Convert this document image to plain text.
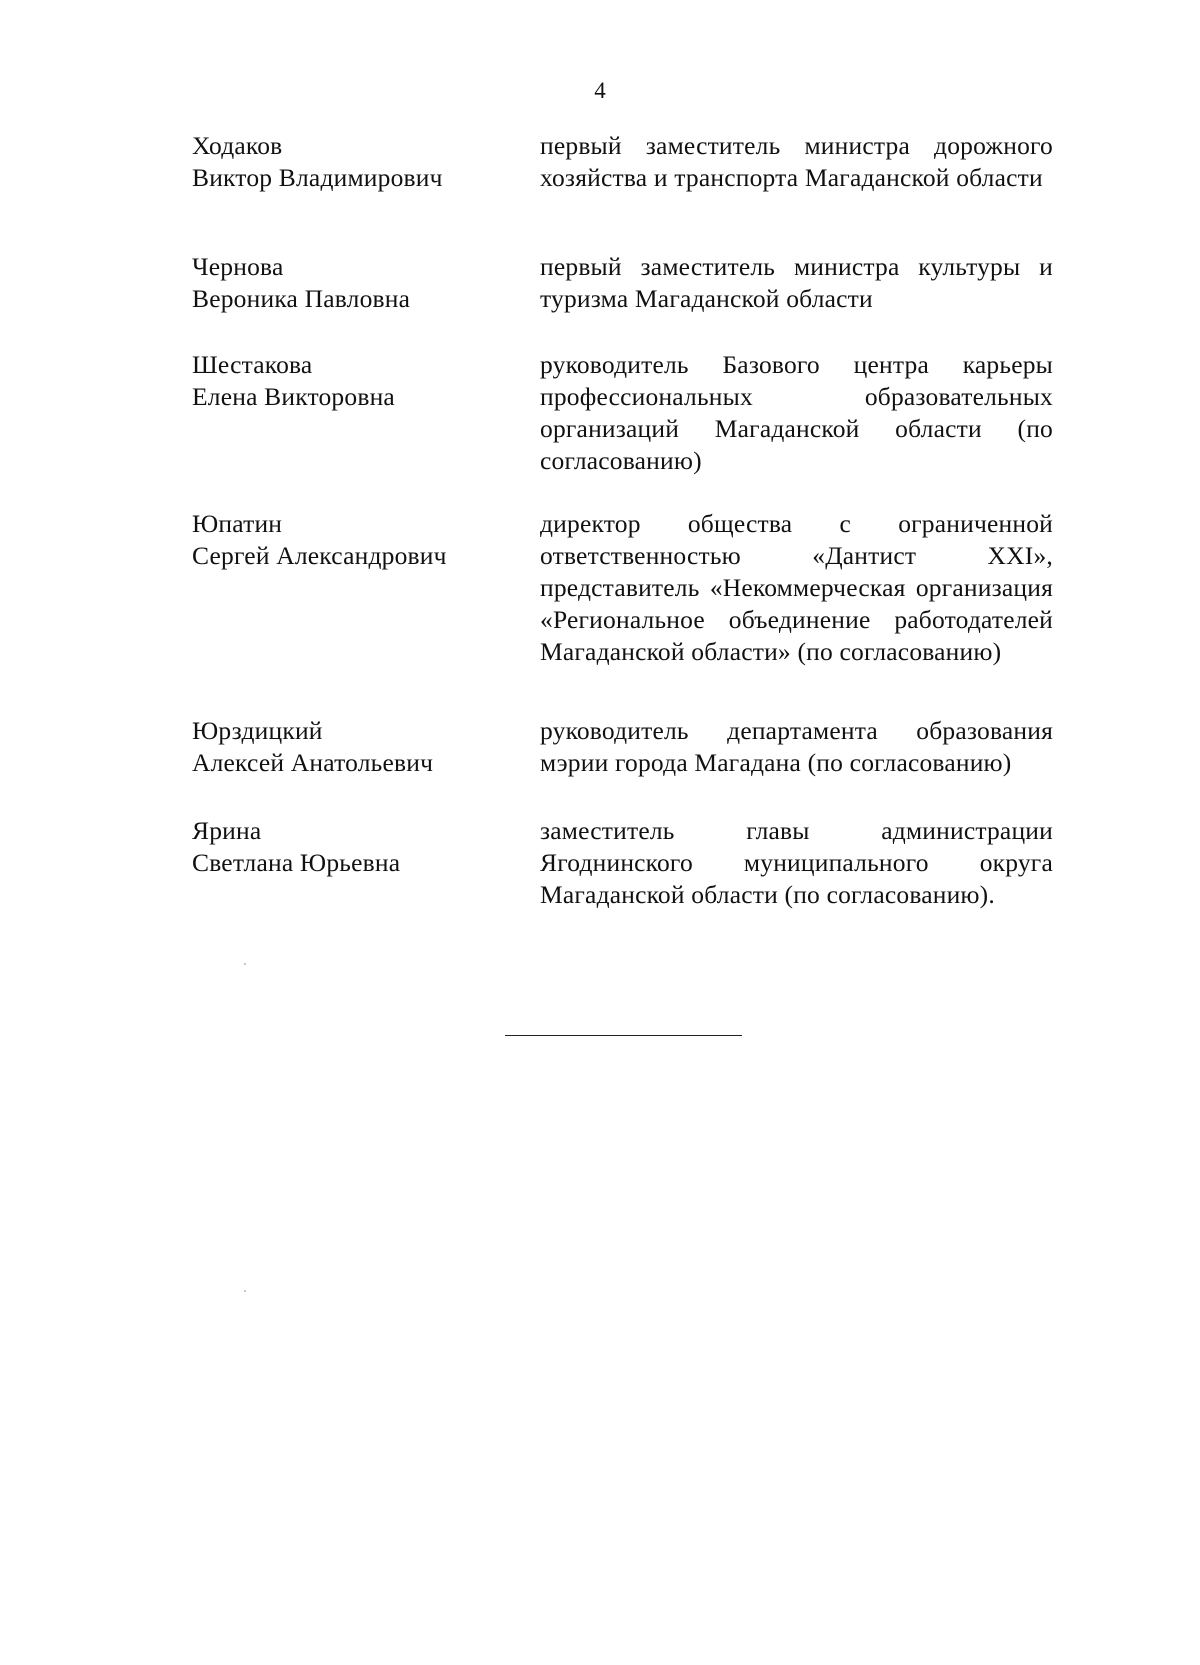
4
Ходаков
Виктор Владимирович
первый заместитель министра дорожного хозяйства и транспорта Магаданской области
Чернова
Вероника Павловна
первый заместитель министра культуры и туризма Магаданской области
Шестакова
Елена Викторовна
руководитель Базового центра карьеры профессиональных образовательных организаций Магаданской области (по согласованию)
Юпатин
Сергей Александрович
директор общества с ограниченной ответственностью «Дантист XXI», представитель «Некоммерческая организация «Региональное объединение работодателей Магаданской области» (по согласованию)
Юрздицкий
Алексей Анатольевич
руководитель департамента образования мэрии города Магадана (по согласованию)
Ярина
Светлана Юрьевна
заместитель главы администрации Ягоднинского муниципального округа Магаданской области (по согласованию).
